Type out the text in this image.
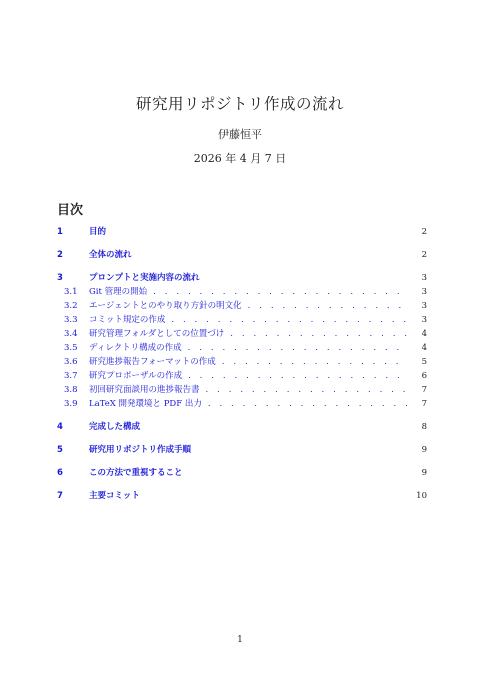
研究用リポジトリ作成の流れ
伊藤恒平
2026 年 4 月 7 日
目次
1	目的	2
2	全体の流れ	2
3	プロンプトと実施内容の流れ	3
3.1	Git 管理の開始 . . .	3
3.2	エージェントとのやり取り方針の明文化 . . .	3
3.3	コミット規定の作成 . . .	3
3.4	研究管理フォルダとしての位置づけ . . .	4
3.5	ディレクトリ構成の作成 . . .	4
3.6	研究進捗報告フォーマットの作成 . . .	5
3.7	研究プロポーザルの作成 . . .	6
3.8	初回研究面談用の進捗報告書 . . .	7
3.9	LaTeX 開発環境と PDF 出力 . . .	7
4	完成した構成	8
5	研究用リポジトリ作成手順	9
6	この方法で重視すること	9
7	主要コミット	10
1
